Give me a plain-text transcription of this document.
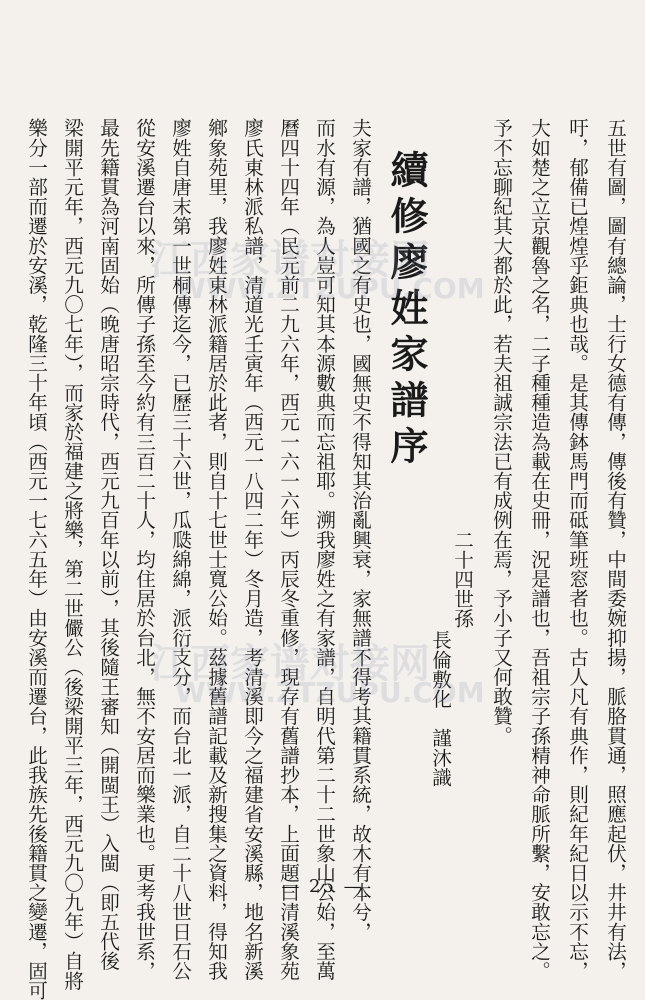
五世有圖，圖有總論，士行女德有傳，傳後有贊，中間委婉抑揚，脈胳貫通，照應起伏，井井有法，
吁，郁備已煌煌乎鉅典也哉。是其傳鉢馬門而砥筆班窓者也。古人凡有典作，則紀年紀日以示不忘，
大如楚之立京觀魯之名，二子種種造為載在史冊，況是譜也，吾祖宗子孫精神命脈所繫，安敢忘之。
予不忘聊紀其大都於此，若夫祖誠宗法已有成例在焉，予小子又何敢贊。
二十四世孫
長倫敷化　謹沐識
續修廖姓家譜序
夫家有譜，猶國之有史也，國無史不得知其治亂興衰，家無譜不得考其籍貫系統，故木有本兮，
而水有源，為人豈可知其本源數典而忘祖耶。溯我廖姓之有家譜，自明代第二十二世象山公始，至萬
曆四十四年（民元前二九六年，西元一六一六年）丙辰冬重修，現存有舊譜抄本，上面題曰清溪象苑
廖氏東林派私譜，清道光壬寅年（西元一八四二年）冬月造，考清溪即今之福建省安溪縣，地名新溪
鄉象苑里，我廖姓東林派籍居於此者，則自十七世士寬公始。茲據舊譜記載及新搜集之資料，得知我
廖姓自唐末第一世桐傳迄今，已歷三十六世，瓜瓞綿綿，派衍支分，而台北一派，自二十八世日石公
從安溪遷台以來，所傳子孫至今約有三百二十人，均住居於台北，無不安居而樂業也。更考我世系，
最先籍貫為河南固始（晚唐昭宗時代，西元九百年以前），其後隨王審知（開閩王）入閩（即五代後
梁開平元年，西元九〇七年），而家於福建之將樂，第二世儼公（後梁開平三年，西元九〇九年）自將
樂分一部而遷於安溪，乾隆三十年頃（西元一七六五年）由安溪而遷台，此我族先後籍貫之變遷，固可	江西家谱对接网
WWW.ZTZUPU.COM
江西家谱对接网
WWW.ZTZUPU.COM
— 25 —
